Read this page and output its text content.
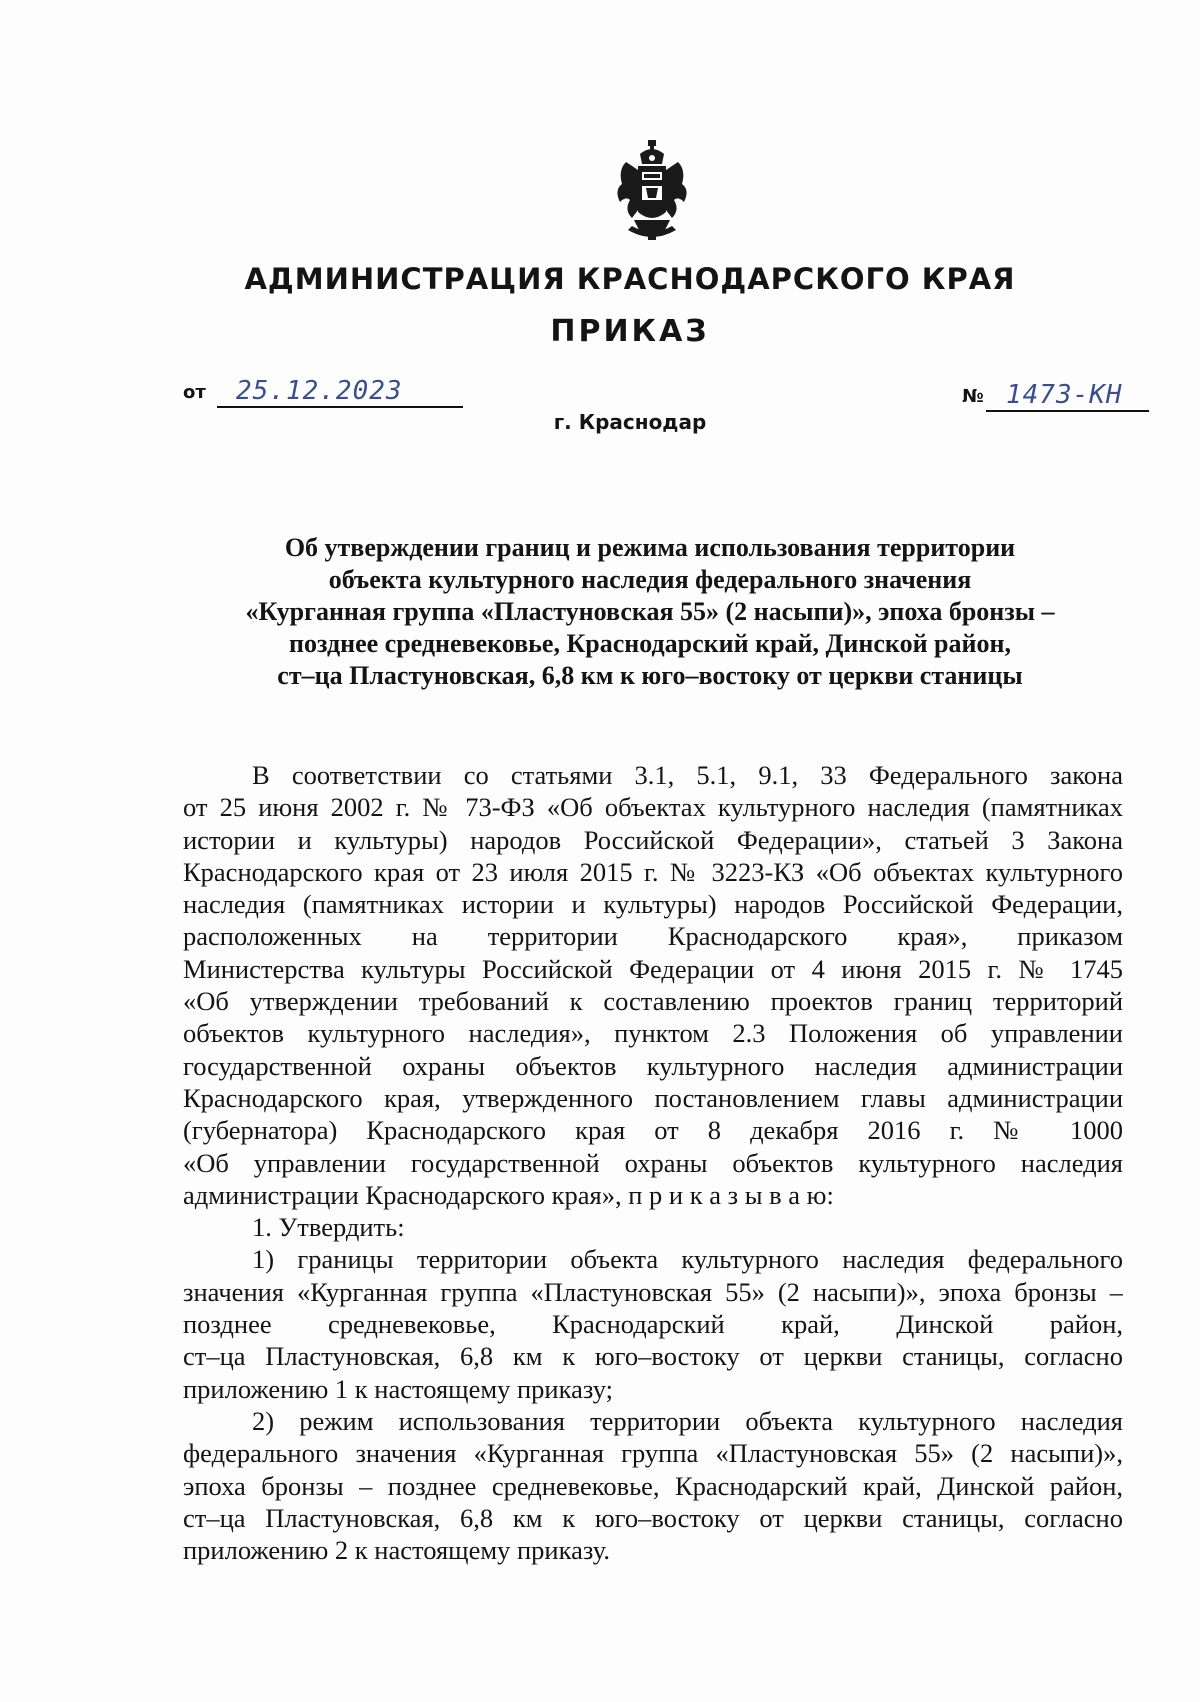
АДМИНИСТРАЦИЯ КРАСНОДАРСКОГО КРАЯ
ПРИКАЗ
от 25.12.2023	№ 1473-КН
г. Краснодар
Об утверждении границ и режима использования территории
объекта культурного наследия федерального значения
«Курганная группа «Пластуновская 55» (2 насыпи)», эпоха бронзы –
позднее средневековье, Краснодарский край, Динской район,
ст–ца Пластуновская, 6,8 км к юго–востоку от церкви станицы
В соответствии со статьями 3.1, 5.1, 9.1, 33 Федерального закона
от 25 июня 2002 г. № 73-ФЗ «Об объектах культурного наследия (памятниках
истории и культуры) народов Российской Федерации», статьей 3 Закона
Краснодарского края от 23 июля 2015 г. № 3223-КЗ «Об объектах культурного
наследия (памятниках истории и культуры) народов Российской Федерации,
расположенных на территории Краснодарского края», приказом
Министерства культуры Российской Федерации от 4 июня 2015 г. № 1745
«Об утверждении требований к составлению проектов границ территорий
объектов культурного наследия», пунктом 2.3 Положения об управлении
государственной охраны объектов культурного наследия администрации
Краснодарского края, утвержденного постановлением главы администрации
(губернатора) Краснодарского края от 8 декабря 2016 г. № 1000
«Об управлении государственной охраны объектов культурного наследия
администрации Краснодарского края», п р и к а з ы в а ю:
1. Утвердить:
1) границы территории объекта культурного наследия федерального
значения «Курганная группа «Пластуновская 55» (2 насыпи)», эпоха бронзы –
позднее средневековье, Краснодарский край, Динской район,
ст–ца Пластуновская, 6,8 км к юго–востоку от церкви станицы, согласно
приложению 1 к настоящему приказу;
2) режим использования территории объекта культурного наследия
федерального значения «Курганная группа «Пластуновская 55» (2 насыпи)»,
эпоха бронзы – позднее средневековье, Краснодарский край, Динской район,
ст–ца Пластуновская, 6,8 км к юго–востоку от церкви станицы, согласно
приложению 2 к настоящему приказу.
